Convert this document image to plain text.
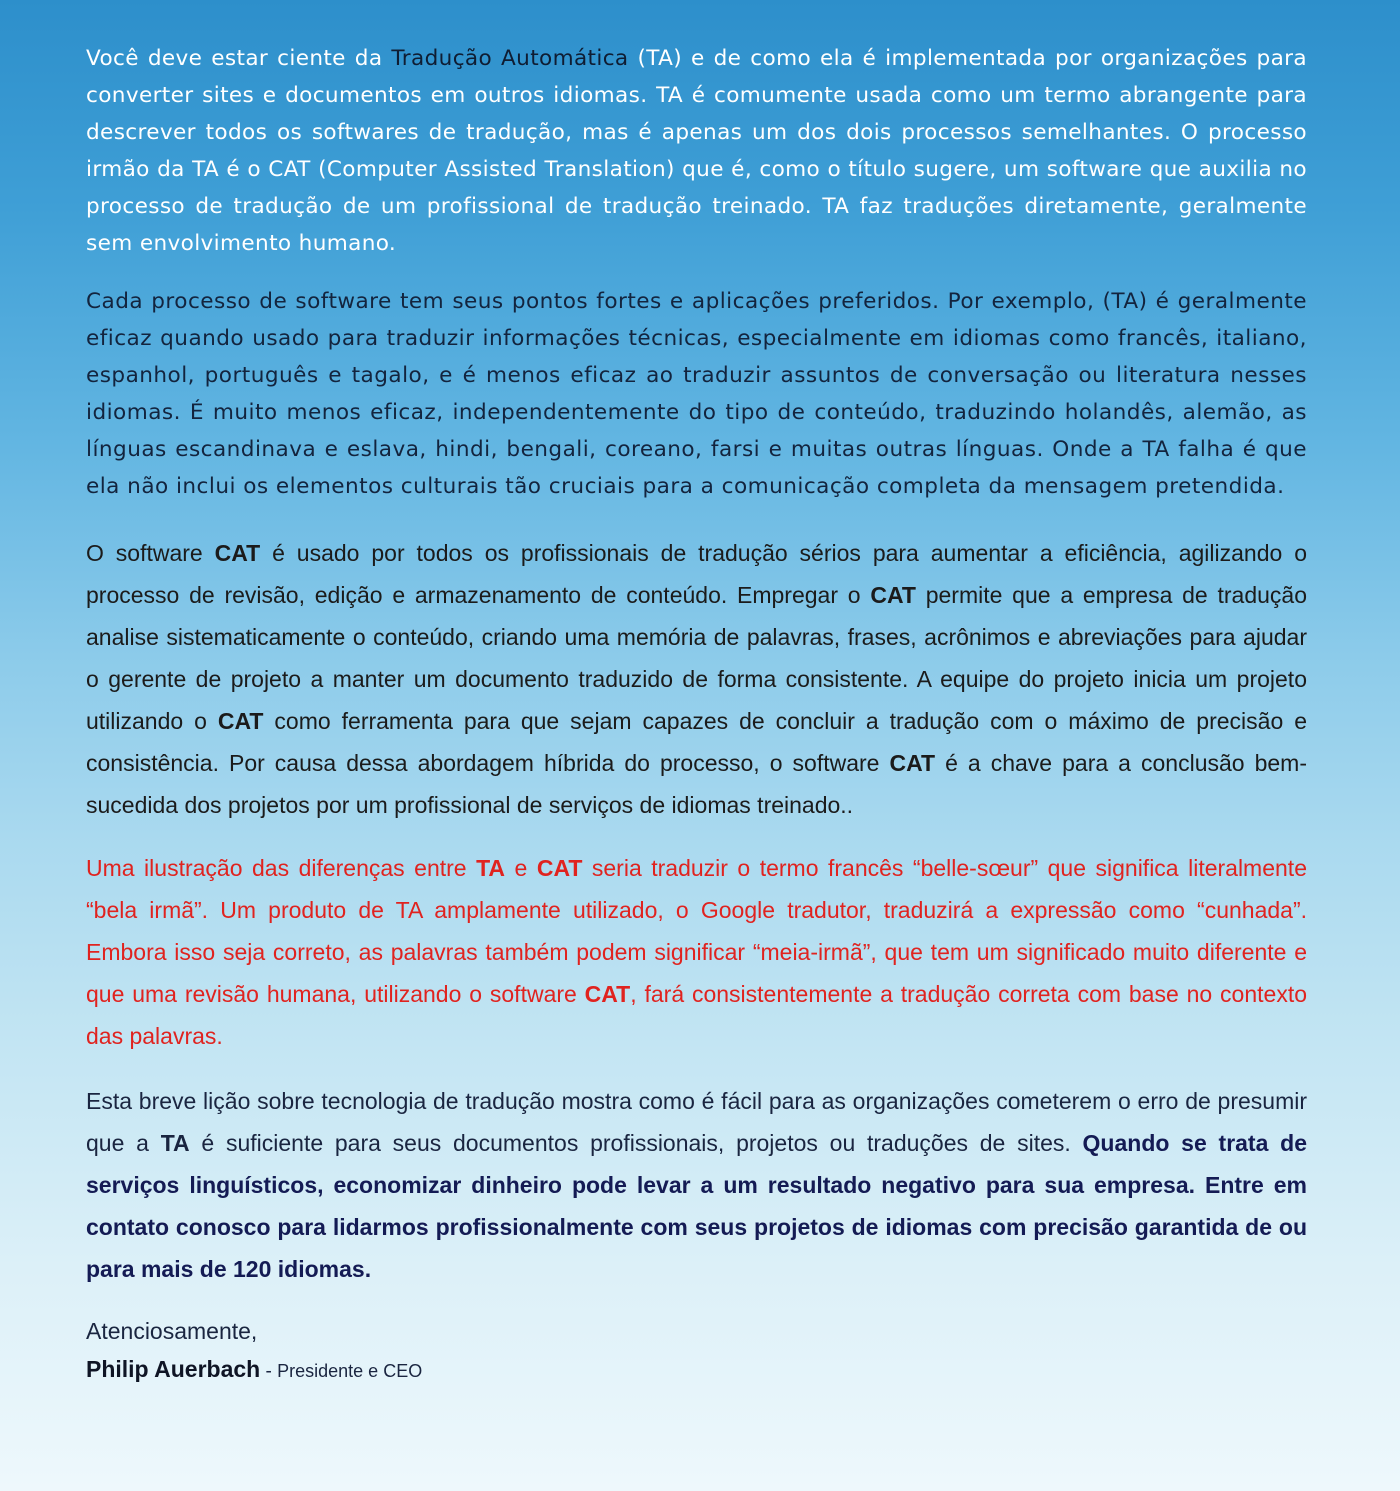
Você deve estar ciente da Tradução Automática (TA) e de como ela é implementada por organizações para converter sites e documentos em outros idiomas. TA é comumente usada como um termo abrangente para descrever todos os softwares de tradução, mas é apenas um dos dois processos semelhantes. O processo irmão da TA é o CAT (Computer Assisted Translation) que é, como o título sugere, um software que auxilia no processo de tradução de um profissional de tradução treinado. TA faz traduções diretamente, geralmente sem envolvimento humano.

Cada processo de software tem seus pontos fortes e aplicações preferidos. Por exemplo, (TA) é geralmente eficaz quando usado para traduzir informações técnicas, especialmente em idiomas como francês, italiano, espanhol, português e tagalo, e é menos eficaz ao traduzir assuntos de conversação ou literatura nesses idiomas. É muito menos eficaz, independentemente do tipo de conteúdo, traduzindo holandês, alemão, as línguas escandinava e eslava, hindi, bengali, coreano, farsi e muitas outras línguas. Onde a TA falha é que ela não inclui os elementos culturais tão cruciais para a comunicação completa da mensagem pretendida.

O software CAT é usado por todos os profissionais de tradução sérios para aumentar a eficiência, agilizando o processo de revisão, edição e armazenamento de conteúdo. Empregar o CAT permite que a empresa de tradução analise sistematicamente o conteúdo, criando uma memória de palavras, frases, acrônimos e abreviações para ajudar o gerente de projeto a manter um documento traduzido de forma consistente. A equipe do projeto inicia um projeto utilizando o CAT como ferramenta para que sejam capazes de concluir a tradução com o máximo de precisão e consistência. Por causa dessa abordagem híbrida do processo, o software CAT é a chave para a conclusão bem-sucedida dos projetos por um profissional de serviços de idiomas treinado..

Uma ilustração das diferenças entre TA e CAT seria traduzir o termo francês “belle-sœur” que significa literalmente “bela irmã”. Um produto de TA amplamente utilizado, o Google tradutor, traduzirá a expressão como “cunhada”. Embora isso seja correto, as palavras também podem significar “meia-irmã”, que tem um significado muito diferente e que uma revisão humana, utilizando o software CAT, fará consistentemente a tradução correta com base no contexto das palavras.

Esta breve lição sobre tecnologia de tradução mostra como é fácil para as organizações cometerem o erro de presumir que a TA é suficiente para seus documentos profissionais, projetos ou traduções de sites. Quando se trata de serviços linguísticos, economizar dinheiro pode levar a um resultado negativo para sua empresa. Entre em contato conosco para lidarmos profissionalmente com seus projetos de idiomas com precisão garantida de ou para mais de 120 idiomas.

Atenciosamente,
Philip Auerbach - Presidente e CEO
